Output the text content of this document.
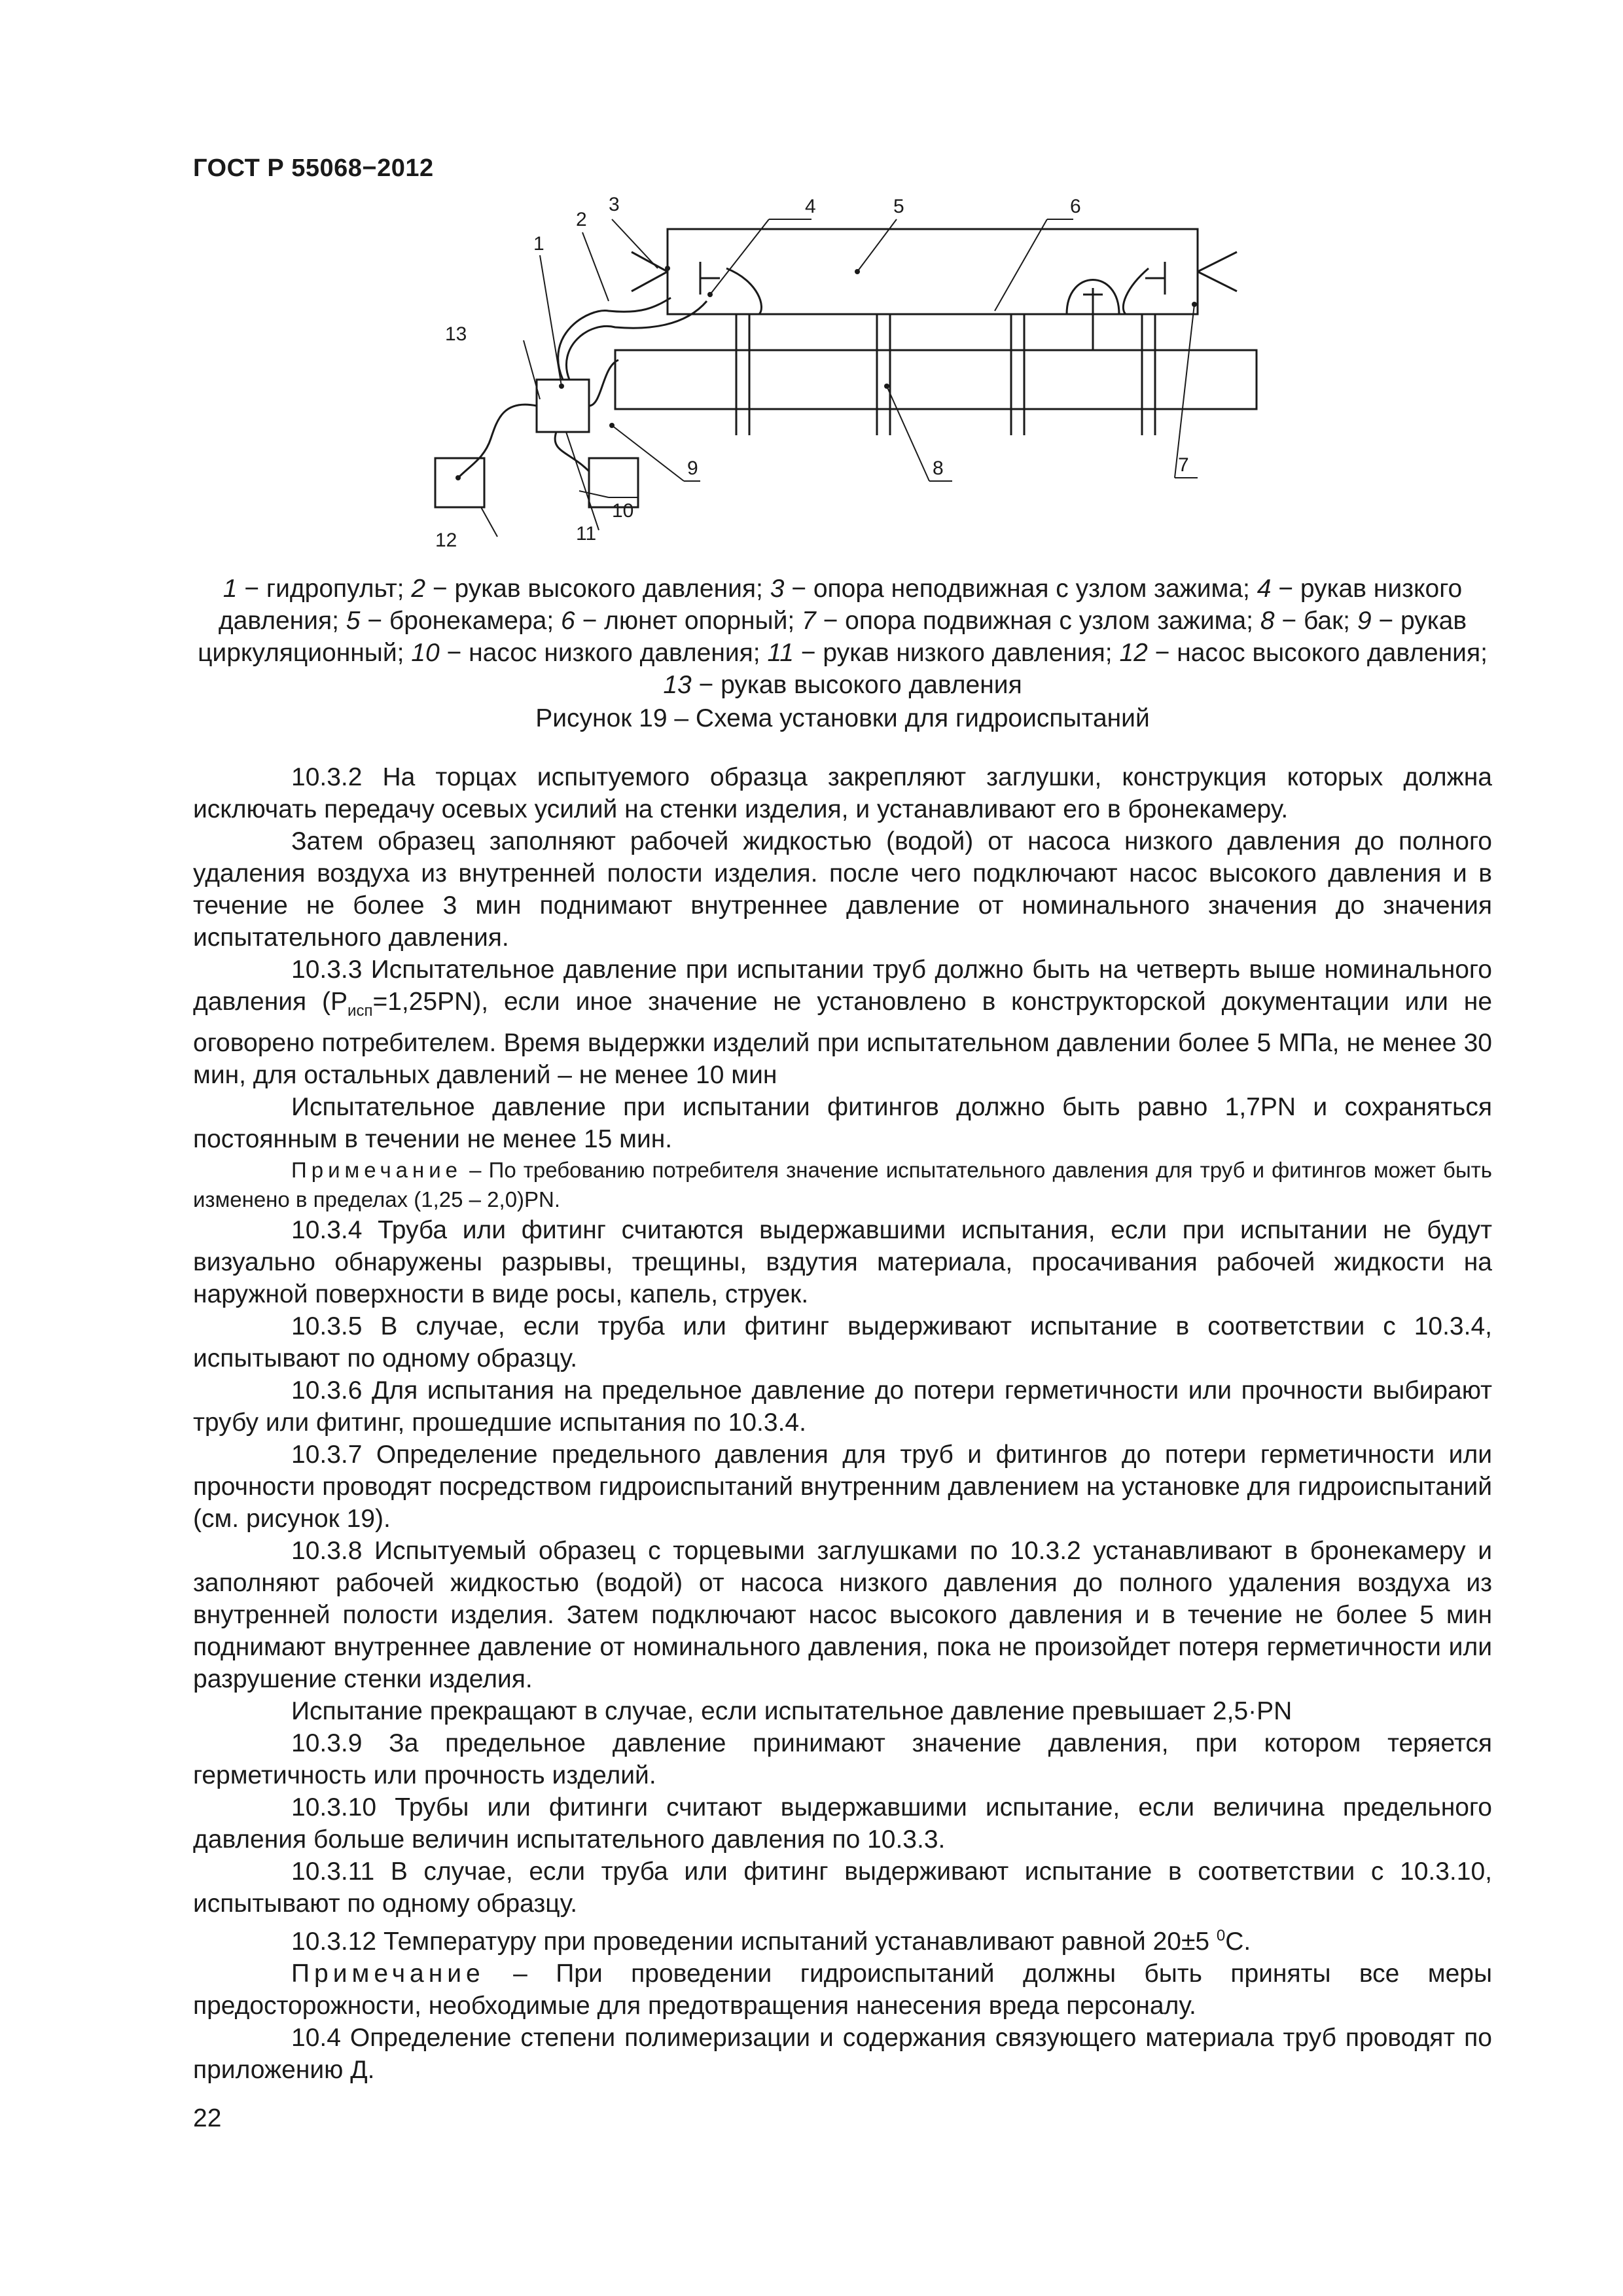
ГОСТ Р 55068−2012
1
2
3	4	5	6
7
8
9
10
11
12
13
1 − гидропульт; 2 − рукав высокого давления; 3 − опора неподвижная с узлом зажима; 4 − рукав низкого давления; 5 − бронекамера; 6 − люнет опорный; 7 − опора подвижная с узлом зажима; 8 − бак; 9 − рукав циркуляционный; 10 − насос низкого давления; 11 − рукав низкого давления; 12 − насос высокого давления; 13 − рукав высокого давления
Рисунок 19 – Схема установки для гидроиспытаний

10.3.2 На торцах испытуемого образца закрепляют заглушки, конструкция которых должна исключать передачу осевых усилий на стенки изделия, и устанавливают его в бронекамеру.

Затем образец заполняют рабочей жидкостью (водой) от насоса низкого давления до полного удаления воздуха из внутренней полости изделия. после чего подключают насос высокого давления и в течение не более 3 мин поднимают внутреннее давление от номинального значения до значения испытательного давления.

10.3.3 Испытательное давление при испытании труб должно быть на четверть выше номинального давления $(P_{исп}=1,25PN)$, если иное значение не установлено в конструкторской документации или не оговорено потребителем. Время выдержки изделий при испытательном давлении более 5 МПа, не менее 30 мин, для остальных давлений – не менее 10 мин

Испытательное давление при испытании фитингов должно быть равно 1,7PN и сохраняться постоянным в течении не менее 15 мин.

Примечание – По требованию потребителя значение испытательного давления для труб и фитингов может быть изменено в пределах (1,25 – 2,0)PN.

10.3.4 Труба или фитинг считаются выдержавшими испытания, если при испытании не будут визуально обнаружены разрывы, трещины, вздутия материала, просачивания рабочей жидкости на наружной поверхности в виде росы, капель, струек.

10.3.5 В случае, если труба или фитинг выдерживают испытание в соответствии с 10.3.4, испытывают по одному образцу.

10.3.6 Для испытания на предельное давление до потери герметичности или прочности выбирают трубу или фитинг, прошедшие испытания по 10.3.4.

10.3.7 Определение предельного давления для труб и фитингов до потери герметичности или прочности проводят посредством гидроиспытаний внутренним давлением на установке для гидроиспытаний (см. рисунок 19).

10.3.8 Испытуемый образец с торцевыми заглушками по 10.3.2 устанавливают в бронекамеру и заполняют рабочей жидкостью (водой) от насоса низкого давления до полного удаления воздуха из внутренней полости изделия. Затем подключают насос высокого давления и в течение не более 5 мин поднимают внутреннее давление от номинального давления, пока не произойдет потеря герметичности или разрушение стенки изделия.

Испытание прекращают в случае, если испытательное давление превышает 2,5·PN

10.3.9 За предельное давление принимают значение давления, при котором теряется герметичность или прочность изделий.

10.3.10 Трубы или фитинги считают выдержавшими испытание, если величина предельного давления больше величин испытательного давления по 10.3.3.

10.3.11 В случае, если труба или фитинг выдерживают испытание в соответствии с 10.3.10, испытывают по одному образцу.

10.3.12 Температуру при проведении испытаний устанавливают равной 20±5 $^0$С.

Примечание – При проведении гидроиспытаний должны быть приняты все меры предосторожности, необходимые для предотвращения нанесения вреда персоналу.

10.4 Определение степени полимеризации и содержания связующего материала труб проводят по приложению Д.

22
